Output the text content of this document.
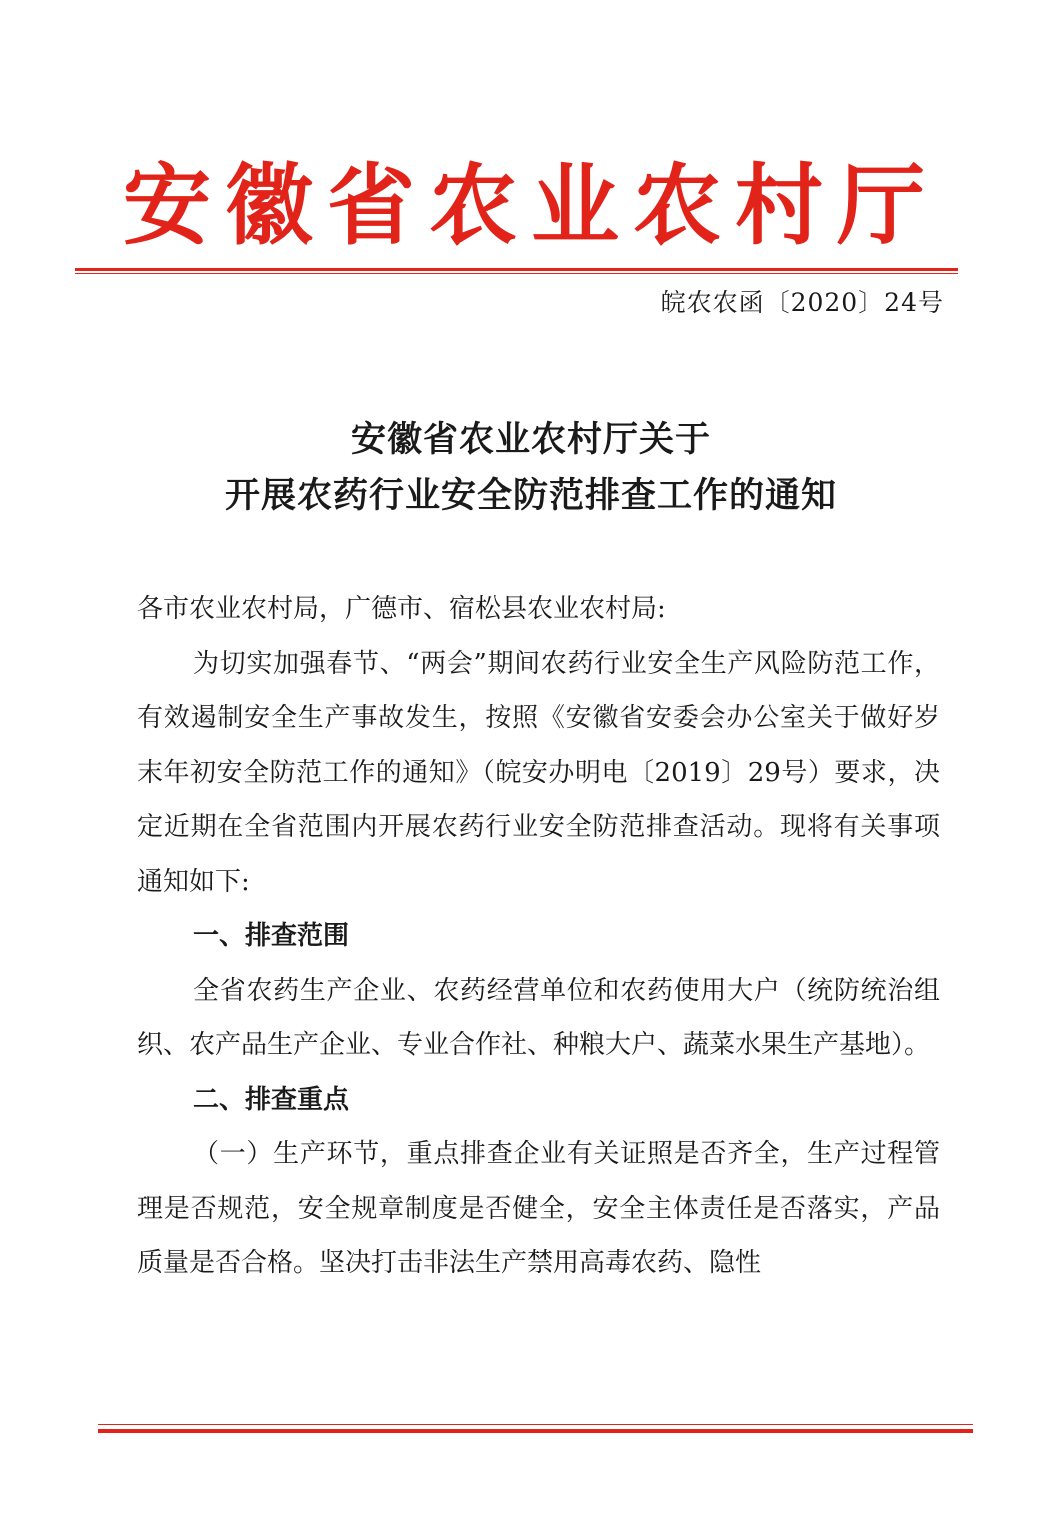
安徽省农业农村厅
皖农农函〔2020〕24号
安徽省农业农村厅关于
开展农药行业安全防范排查工作的通知

各市农业农村局，广德市、宿松县农业农村局:

为切实加强春节、“两会”期间农药行业安全生产风险防范工作，有效遏制安全生产事故发生，按照《安徽省安委会办公室关于做好岁末年初安全防范工作的通知》（皖安办明电〔2019〕29号）要求，决定近期在全省范围内开展农药行业安全防范排查活动。现将有关事项通知如下:

一、排查范围

全省农药生产企业、农药经营单位和农药使用大户（统防统治组织、农产品生产企业、专业合作社、种粮大户、蔬菜水果生产基地）。

二、排查重点

（一）生产环节，重点排查企业有关证照是否齐全，生产过程管理是否规范，安全规章制度是否健全，安全主体责任是否落实，产品质量是否合格。坚决打击非法生产禁用高毒农药、隐性
